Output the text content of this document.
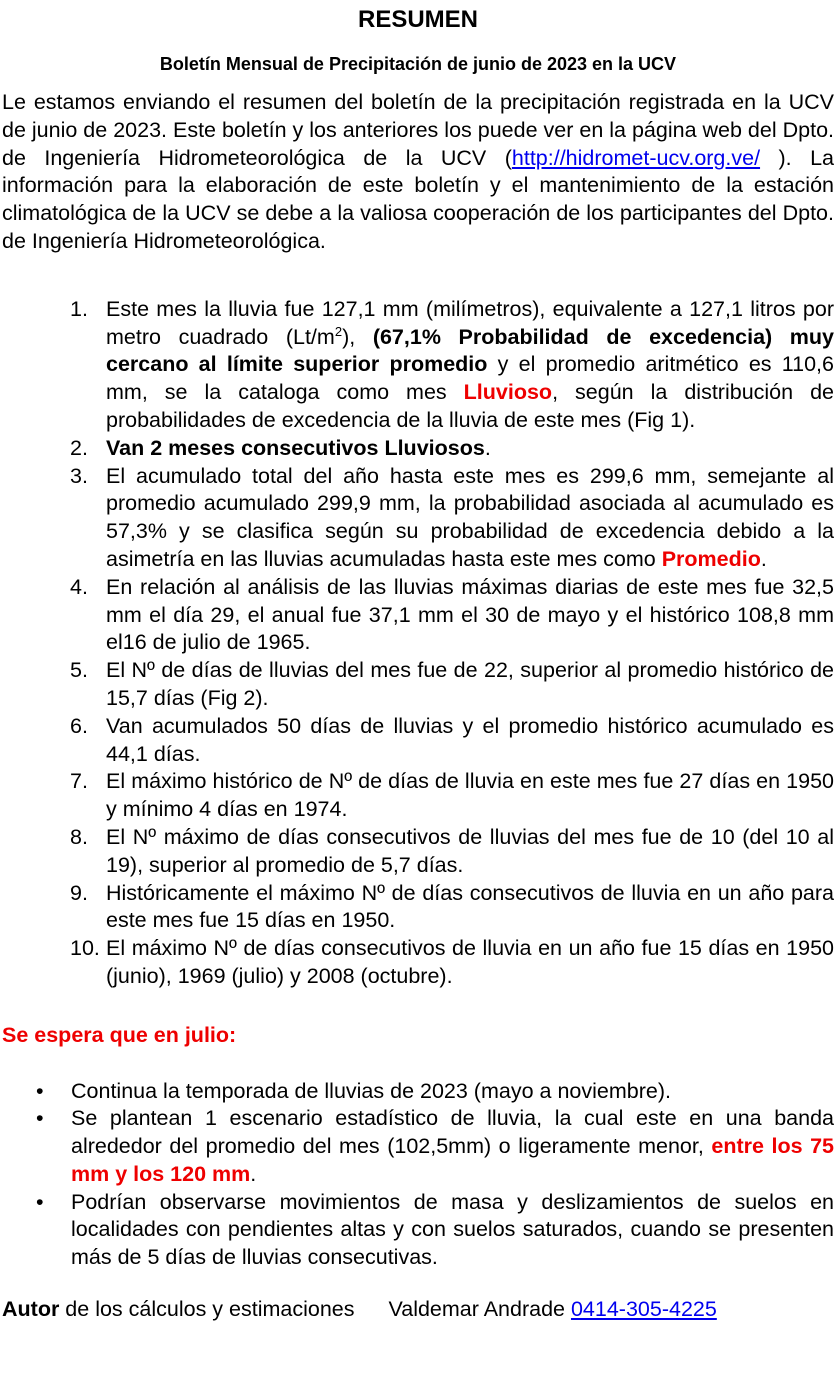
RESUMEN
Boletín Mensual de Precipitación de junio de 2023 en la UCV

Le estamos enviando el resumen del boletín de la precipitación registrada en la UCV de junio de 2023. Este boletín y los anteriores los puede ver en la página web del Dpto. de Ingeniería Hidrometeorológica de la UCV (http://hidromet-ucv.org.ve/ ). La información para la elaboración de este boletín y el mantenimiento de la estación climatológica de la UCV se debe a la valiosa cooperación de los participantes del Dpto. de Ingeniería Hidrometeorológica.

1. Este mes la lluvia fue 127,1 mm (milímetros), equivalente a 127,1 litros por metro cuadrado $(Lt/m^2)$, (67,1% Probabilidad de excedencia) muy cercano al límite superior promedio y el promedio aritmético es 110,6 mm, se la cataloga como mes Lluvioso, según la distribución de probabilidades de excedencia de la lluvia de este mes (Fig 1).
2. Van 2 meses consecutivos Lluviosos.
3. El acumulado total del año hasta este mes es 299,6 mm, semejante al promedio acumulado 299,9 mm, la probabilidad asociada al acumulado es 57,3% y se clasifica según su probabilidad de excedencia debido a la asimetría en las lluvias acumuladas hasta este mes como Promedio.
4. En relación al análisis de las lluvias máximas diarias de este mes fue 32,5 mm el día 29, el anual fue 37,1 mm el 30 de mayo y el histórico 108,8 mm el16 de julio de 1965.
5. El Nº de días de lluvias del mes fue de 22, superior al promedio histórico de 15,7 días (Fig 2).
6. Van acumulados 50 días de lluvias y el promedio histórico acumulado es 44,1 días.
7. El máximo histórico de Nº de días de lluvia en este mes fue 27 días en 1950 y mínimo 4 días en 1974.
8. El Nº máximo de días consecutivos de lluvias del mes fue de 10 (del 10 al 19), superior al promedio de 5,7 días.
9. Históricamente el máximo Nº de días consecutivos de lluvia en un año para este mes fue 15 días en 1950.
10. El máximo Nº de días consecutivos de lluvia en un año fue 15 días en 1950 (junio), 1969 (julio) y 2008 (octubre).
Se espera que en julio:
• Continua la temporada de lluvias de 2023 (mayo a noviembre).
• Se plantean 1 escenario estadístico de lluvia, la cual este en una banda alrededor del promedio del mes (102,5mm) o ligeramente menor, entre los 75 mm y los 120 mm.
• Podrían observarse movimientos de masa y deslizamientos de suelos en localidades con pendientes altas y con suelos saturados, cuando se presenten más de 5 días de lluvias consecutivas.
Autor de los cálculos y estimaciones Valdemar Andrade 0414-305-4225
